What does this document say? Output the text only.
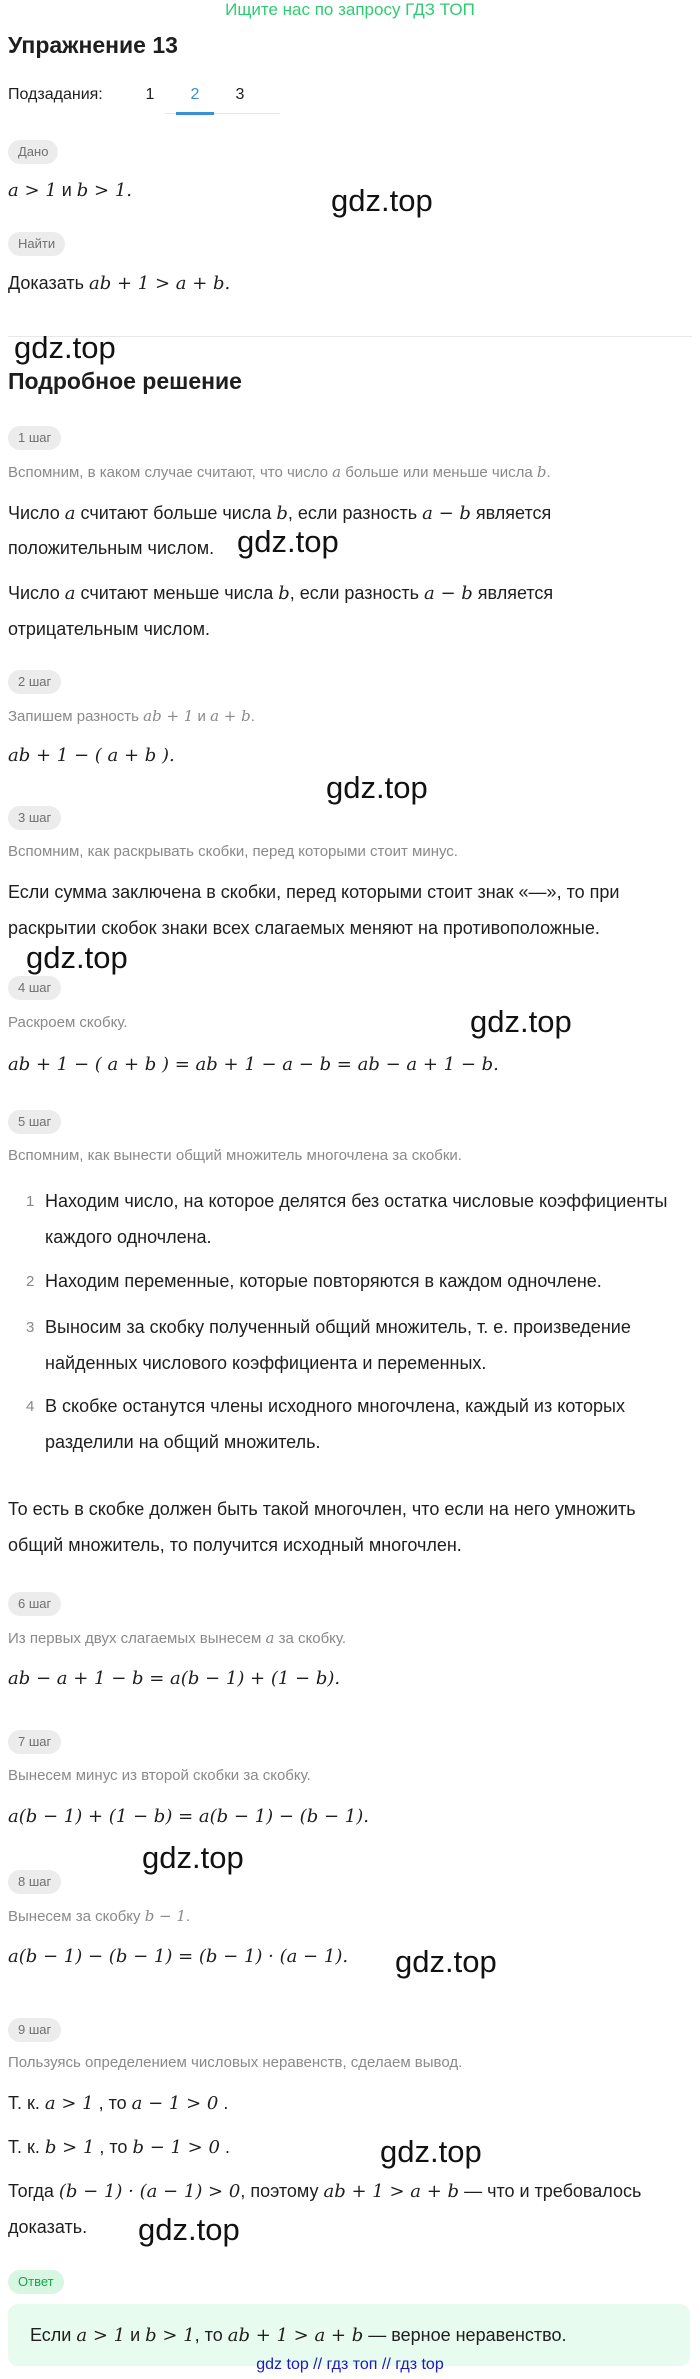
Ищите нас по запросу ГДЗ ТОП
Упражнение 13
Подзадания:	1	2	3
Дано
a > 1 и b > 1.	gdz.top
Найти
Доказать ab + 1 > a + b.
gdz.top
Подробное решение
1 шаг
Вспомним, в каком случае считают, что число a больше или меньше числа b.
Число a считают больше числа b, если разность a − b является
положительным числом. gdz.top
Число a считают меньше числа b, если разность a − b является
отрицательным числом.
2 шаг
Запишем разность ab + 1 и a + b.
ab + 1 − ( a + b ).
gdz.top
3 шаг
Вспомним, как раскрывать скобки, перед которыми стоит минус.
Если сумма заключена в скобки, перед которыми стоит знак «—», то при
раскрытии скобок знаки всех слагаемых меняют на противоположные.
gdz.top
4 шаг
gdz.top
Раскроем скобку.
ab + 1 − ( a + b ) = ab + 1 − a − b = ab − a + 1 − b.
5 шаг
Вспомним, как вынести общий множитель многочлена за скобки.
1 Находим число, на которое делятся без остатка числовые коэффициенты
каждого одночлена.
2 Находим переменные, которые повторяются в каждом одночлене.
3 Выносим за скобку полученный общий множитель, т. е. произведение
найденных числового коэффициента и переменных.
4 В скобке останутся члены исходного многочлена, каждый из которых
разделили на общий множитель.
То есть в скобке должен быть такой многочлен, что если на него умножить
общий множитель, то получится исходный многочлен.
6 шаг
Из первых двух слагаемых вынесем a за скобку.
ab − a + 1 − b = a(b − 1) + (1 − b).
7 шаг
Вынесем минус из второй скобки за скобку.
a(b − 1) + (1 − b) = a(b − 1) − (b − 1).
gdz.top
8 шаг
Вынесем за скобку b − 1.
a(b − 1) − (b − 1) = (b − 1) · (a − 1). gdz.top
9 шаг
Пользуясь определением числовых неравенств, сделаем вывод.
Т. к. a > 1 , то a − 1 > 0 .
Т. к. b > 1 , то b − 1 > 0 .	gdz.top
Тогда (b − 1) · (a − 1) > 0, поэтому ab + 1 > a + b — что и требовалось
доказать. gdz.top
Ответ
Если a > 1 и b > 1, то ab + 1 > a + b — верное неравенство.
gdz top // гдз топ // гдз top
